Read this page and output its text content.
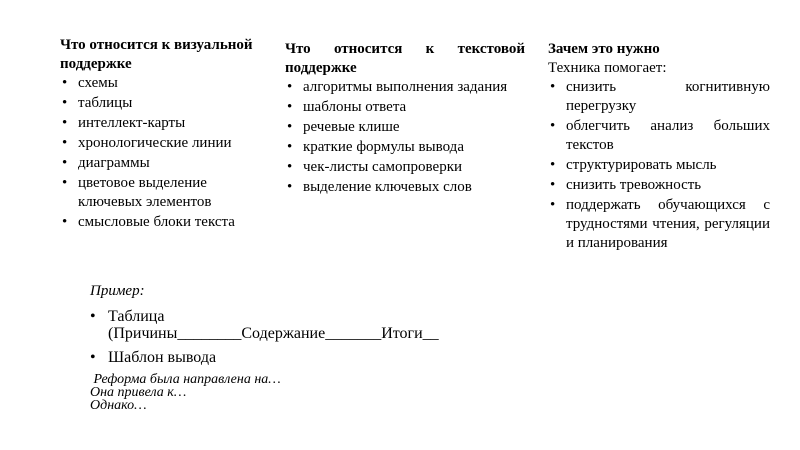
Что относится к визуальной поддержке
• схемы
• таблицы
• интеллект-карты
• хронологические линии
• диаграммы
• цветовое выделение ключевых элементов
• смысловые блоки текста
Что относится к текстовой поддержке
• алгоритмы выполнения задания
• шаблоны ответа
• речевые клише
• краткие формулы вывода
• чек-листы самопроверки
• выделение ключевых слов
Зачем это нужно
Техника помогает:
• снизить когнитивную перегрузку
• облегчить анализ больших текстов
• структурировать мысль
• снизить тревожность
• поддержать обучающихся с трудностями чтения, регуляции и планирования
Пример:
• Таблица (Причины________Содержание_______Итоги__
• Шаблон вывода
Реформа была направлена на…
Она привела к…
Однако…
